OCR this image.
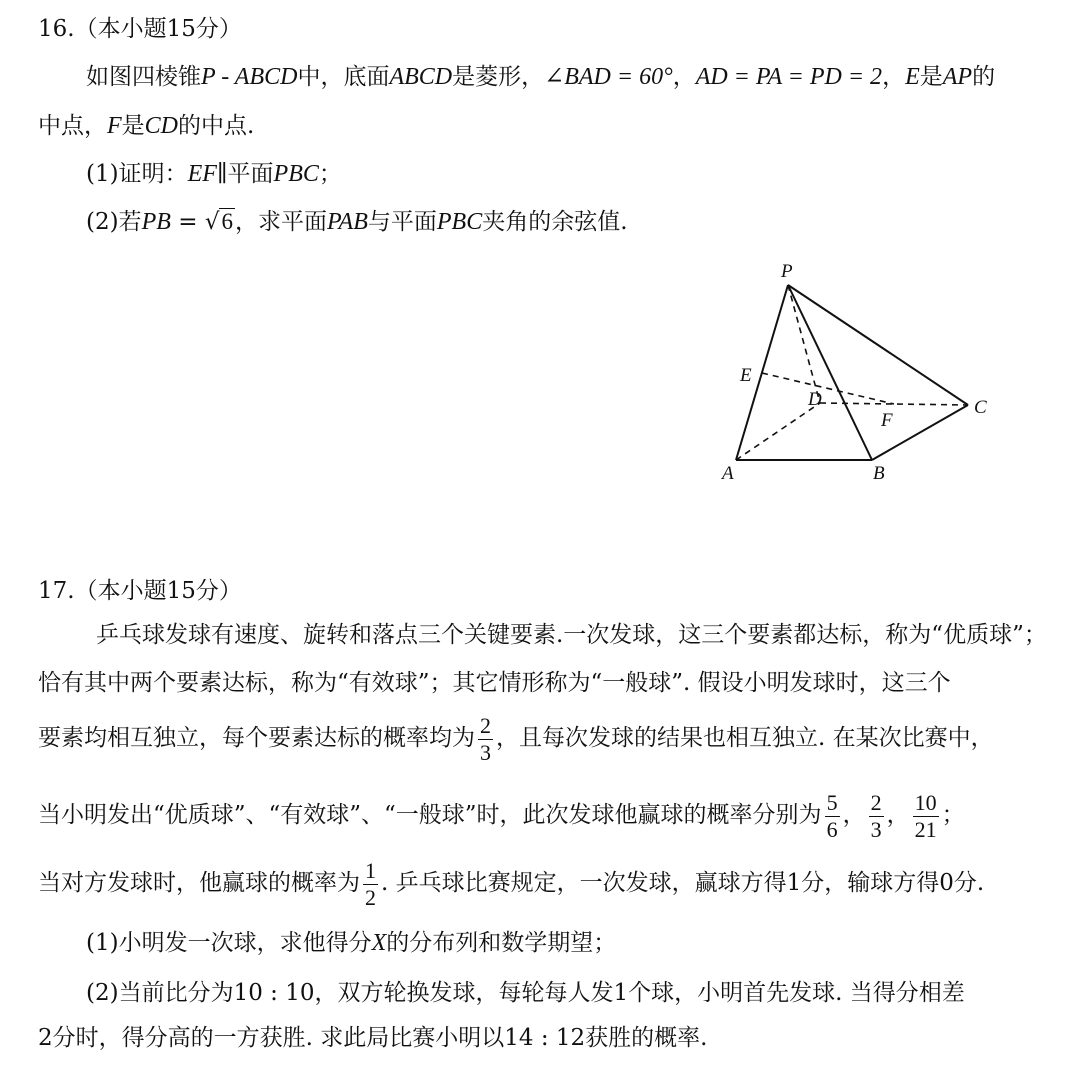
16.（本小题15分）
如图四棱锥P - ABCD中，底面ABCD是菱形，∠BAD = 60°，AD = PA = PD = 2，E是AP的
中点，F是CD的中点.
(1)证明：EF∥平面PBC；
(2)若PB = √6，求平面PAB与平面PBC夹角的余弦值.
P
E
D
F
C
A	B
17.（本小题15分）
乒乓球发球有速度、旋转和落点三个关键要素.一次发球，这三个要素都达标，称为“优质球”；
恰有其中两个要素达标，称为“有效球”；其它情形称为“一般球”. 假设小明发球时，这三个
要素均相互独立，每个要素达标的概率均为 $\frac{2}{3}$ ，且每次发球的结果也相互独立. 在某次比赛中，
当小明发出“优质球”、“有效球”、“一般球”时，此次发球他赢球的概率分别为 $\frac{5}{6}$ ， $\frac{2}{3}$ ， $\frac{10}{21}$ ；
当对方发球时，他赢球的概率为 $\frac{1}{2}$ . 乒乓球比赛规定，一次发球，赢球方得1分，输球方得0分.
(1)小明发一次球，求他得分X的分布列和数学期望；
(2)当前比分为10 : 10，双方轮换发球，每轮每人发1个球，小明首先发球. 当得分相差
2分时，得分高的一方获胜. 求此局比赛小明以14 : 12获胜的概率.
